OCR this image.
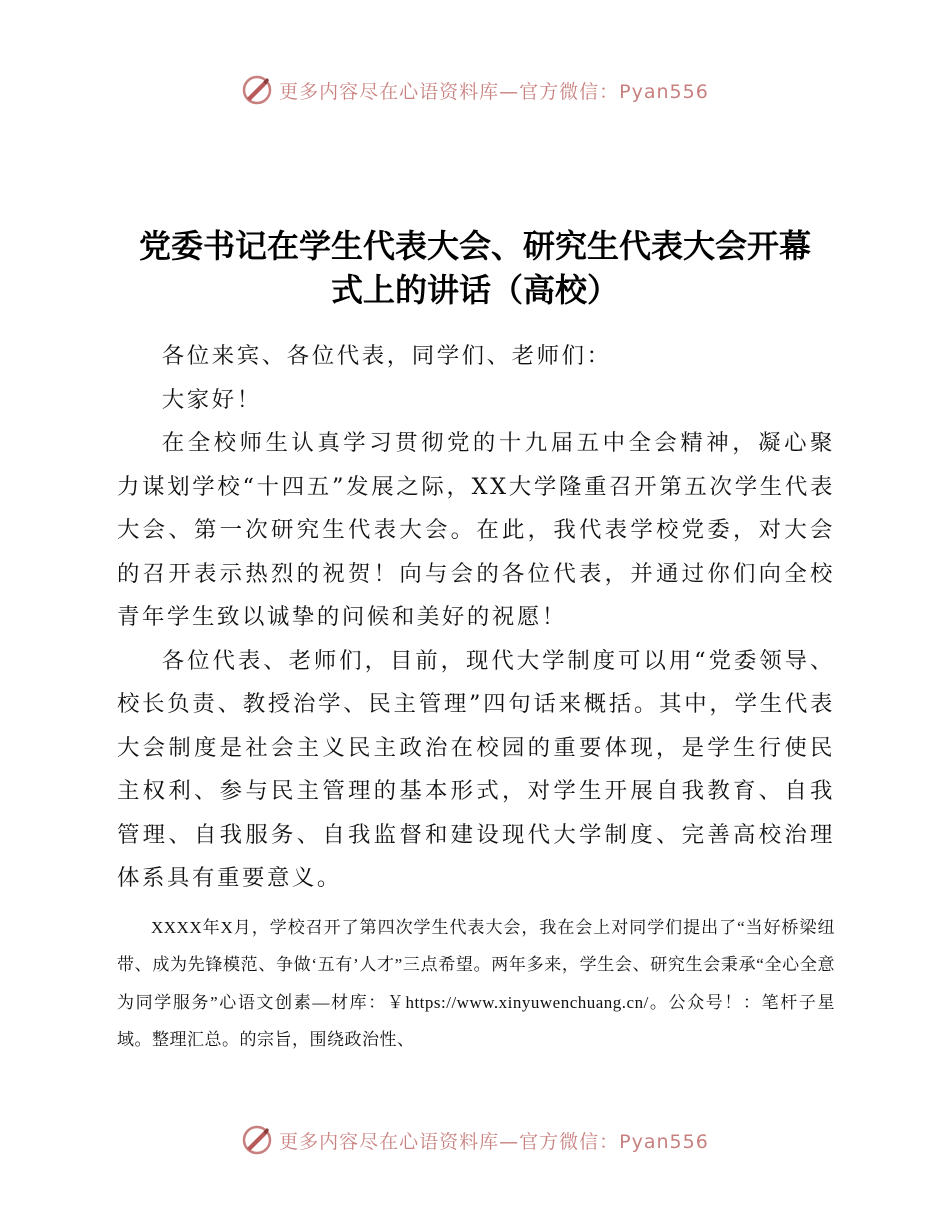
更多内容尽在心语资料库—官方微信：Pyan556
党委书记在学生代表大会、研究生代表大会开幕
式上的讲话（高校）

各位来宾、各位代表，同学们、老师们：

大家好！

在全校师生认真学习贯彻党的十九届五中全会精神，凝心聚力谋划学校“十四五”发展之际，XX大学隆重召开第五次学生代表大会、第一次研究生代表大会。在此，我代表学校党委，对大会的召开表示热烈的祝贺！向与会的各位代表，并通过你们向全校青年学生致以诚挚的问候和美好的祝愿！

各位代表、老师们，目前，现代大学制度可以用“党委领导、校长负责、教授治学、民主管理”四句话来概括。其中，学生代表大会制度是社会主义民主政治在校园的重要体现，是学生行使民主权利、参与民主管理的基本形式，对学生开展自我教育、自我管理、自我服务、自我监督和建设现代大学制度、完善高校治理体系具有重要意义。

XXXX年X月，学校召开了第四次学生代表大会，我在会上对同学们提出了“当好桥梁纽带、成为先锋模范、争做‘五有’人才”三点希望。两年多来，学生会、研究生会秉承“全心全意为同学服务”心语文创素—材库：￥https://www.xinyuwenchuang.cn/。公众号！：笔杆子星域。整理汇总。的宗旨，围绕政治性、

更多内容尽在心语资料库—官方微信：Pyan556
